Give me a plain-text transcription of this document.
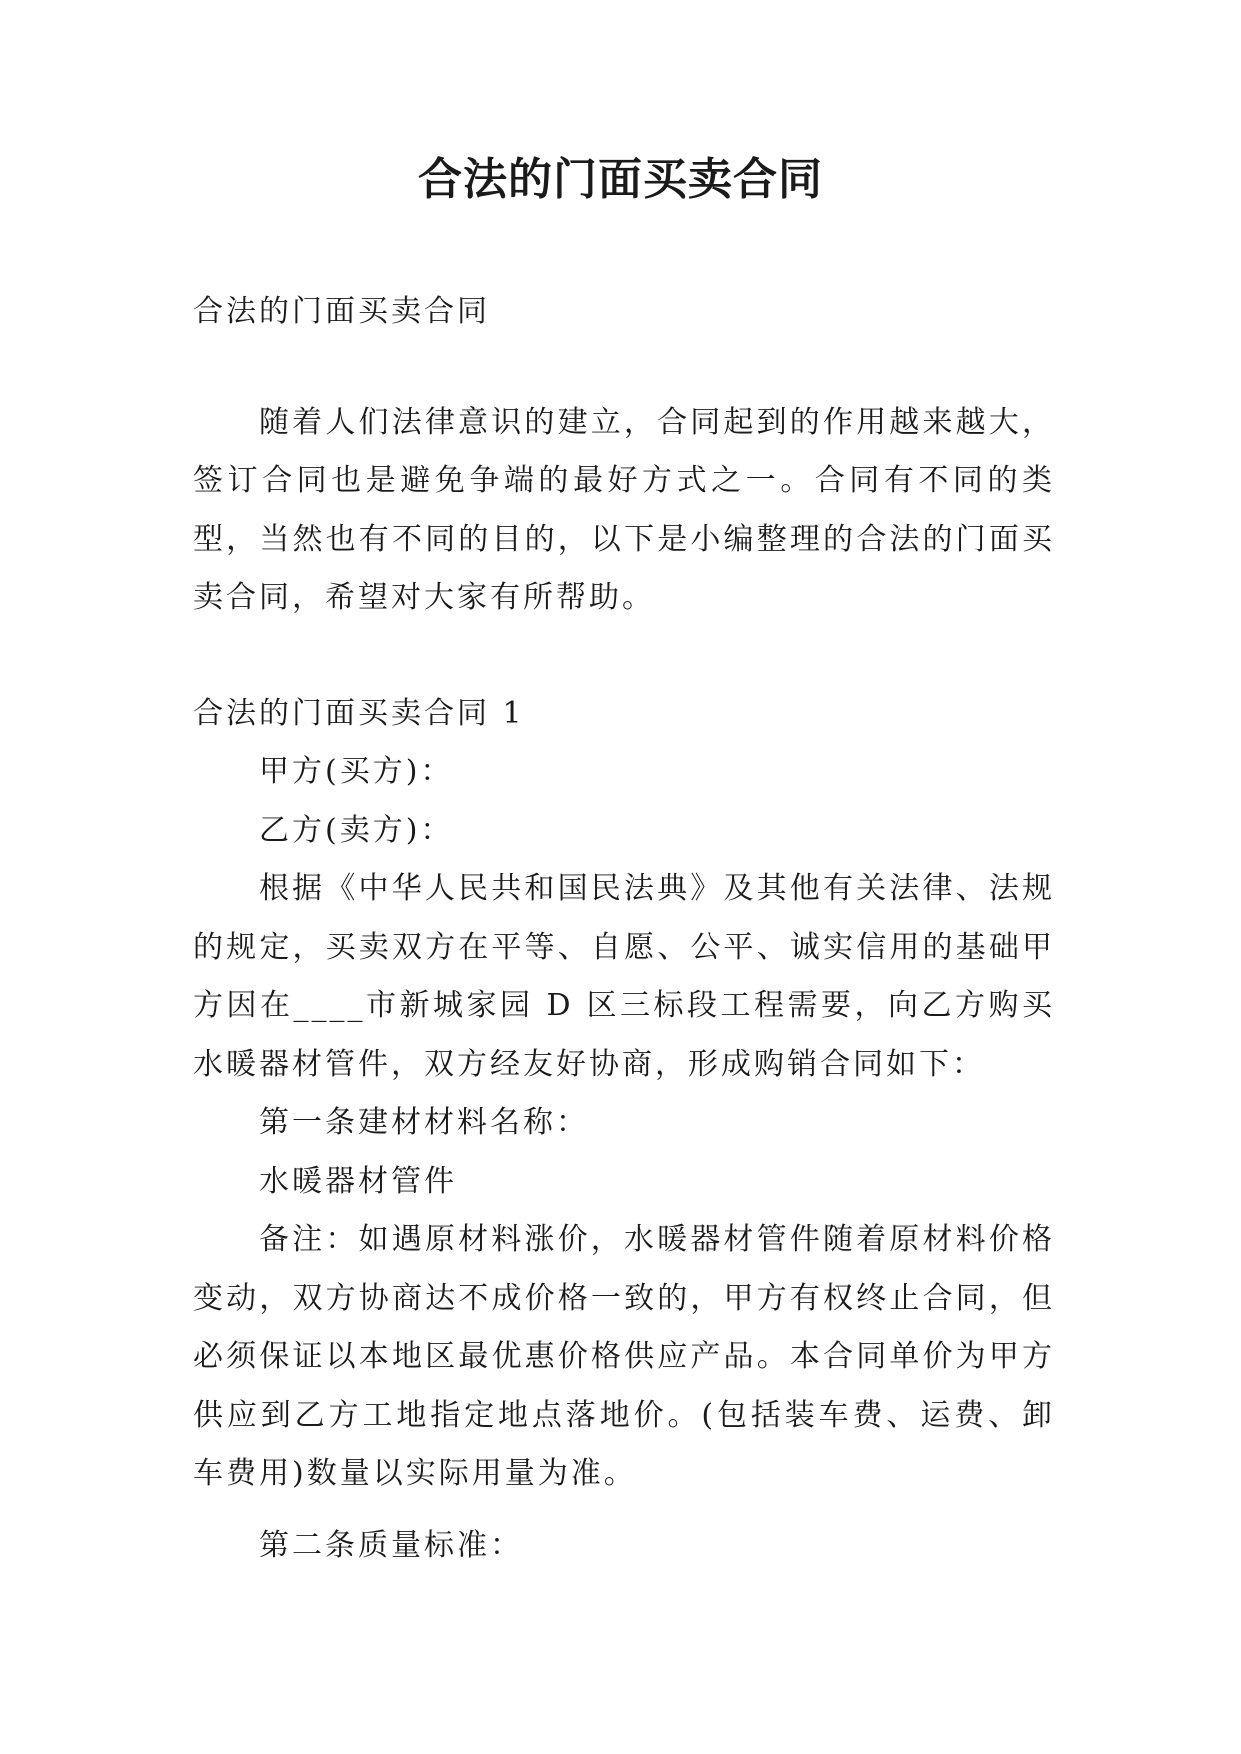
合法的门面买卖合同

合法的门面买卖合同

随着人们法律意识的建立，合同起到的作用越来越大，签订合同也是避免争端的最好方式之一。合同有不同的类型，当然也有不同的目的，以下是小编整理的合法的门面买卖合同，希望对大家有所帮助。

合法的门面买卖合同 1

甲方(买方)：

乙方(卖方)：

根据《中华人民共和国民法典》及其他有关法律、法规的规定，买卖双方在平等、自愿、公平、诚实信用的基础甲方因在____市新城家园 D 区三标段工程需要，向乙方购买水暖器材管件，双方经友好协商，形成购销合同如下：

第一条建材材料名称：

水暖器材管件

备注：如遇原材料涨价，水暖器材管件随着原材料价格变动，双方协商达不成价格一致的，甲方有权终止合同，但必须保证以本地区最优惠价格供应产品。本合同单价为甲方供应到乙方工地指定地点落地价。(包括装车费、运费、卸车费用)数量以实际用量为准。

第二条质量标准：
